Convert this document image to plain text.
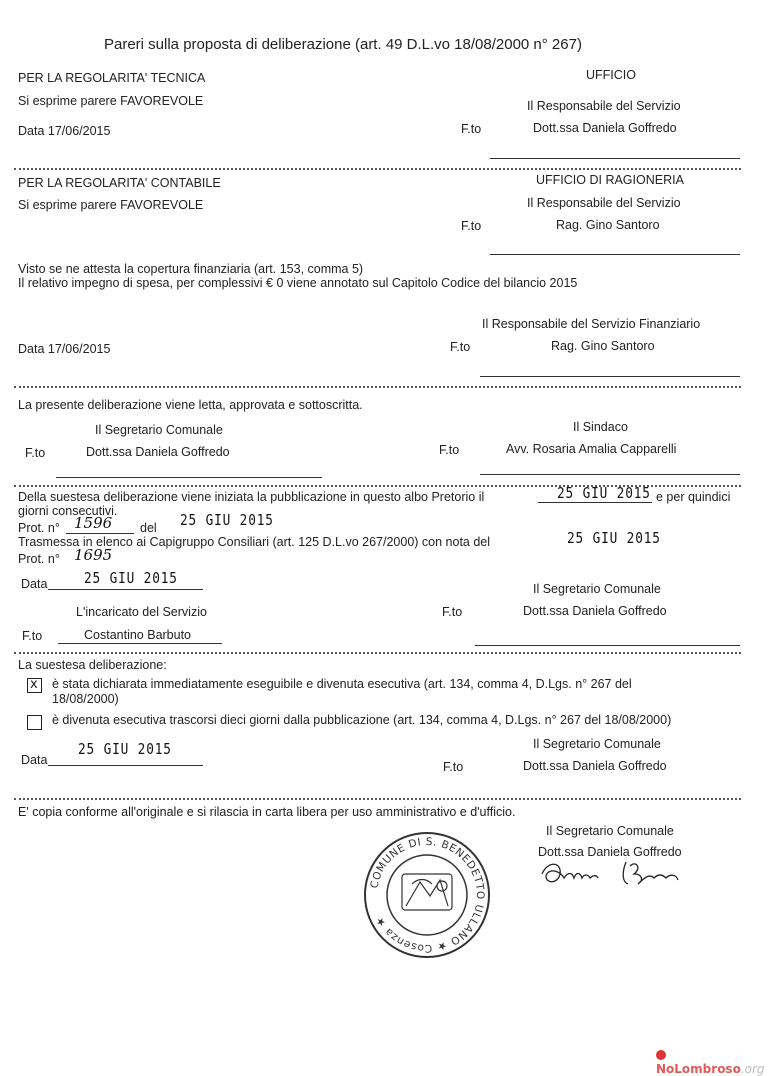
Pareri sulla proposta di deliberazione (art. 49 D.L.vo 18/08/2000 n° 267)
PER LA REGOLARITA' TECNICA	UFFICIO
Si esprime parere FAVOREVOLE	Il Responsabile del Servizio
Data 17/06/2015	F.to	Dott.ssa Daniela Goffredo
PER LA REGOLARITA' CONTABILE	UFFICIO DI RAGIONERIA
Si esprime parere FAVOREVOLE	Il Responsabile del Servizio
F.to	Rag. Gino Santoro
Visto se ne attesta la copertura finanziaria (art. 153, comma 5)
Il relativo impegno di spesa, per complessivi € 0 viene annotato sul Capitolo Codice del bilancio 2015
Il Responsabile del Servizio Finanziario
Data 17/06/2015	F.to	Rag. Gino Santoro
La presente deliberazione viene letta, approvata e sottoscritta.
Il Segretario Comunale	Il Sindaco
F.to	Dott.ssa Daniela Goffredo	F.to	Avv. Rosaria Amalia Capparelli
Della suestesa deliberazione viene iniziata la pubblicazione in questo albo Pretorio il	25 GIU 2015 e per quindici
giorni consecutivi.
Prot. n° 1596 del 25 GIU 2015
Trasmessa in elenco ai Capigruppo Consiliari (art. 125 D.L.vo 267/2000) con nota del	25 GIU 2015
Prot. n° 1695
Data 25 GIU 2015
Il Segretario Comunale
L'incaricato del Servizio	F.to	Dott.ssa Daniela Goffredo
F.to	Costantino Barbuto
La suestesa deliberazione:
x è stata dichiarata immediatamente eseguibile e divenuta esecutiva (art. 134, comma 4, D.Lgs. n° 267 del
18/08/2000)
è divenuta esecutiva trascorsi dieci giorni dalla pubblicazione (art. 134, comma 4, D.Lgs. n° 267 del 18/08/2000)
25 GIU 2015	Il Segretario Comunale
Data	F.to	Dott.ssa Daniela Goffredo
E' copia conforme all'originale e si rilascia in carta libera per uso amministrativo e d'ufficio.
Il Segretario Comunale
Dott.ssa Daniela Goffredo
COMUNE DI S. BENEDETTO ULLANO ★ Cosenza ★
NoLombroso.org
